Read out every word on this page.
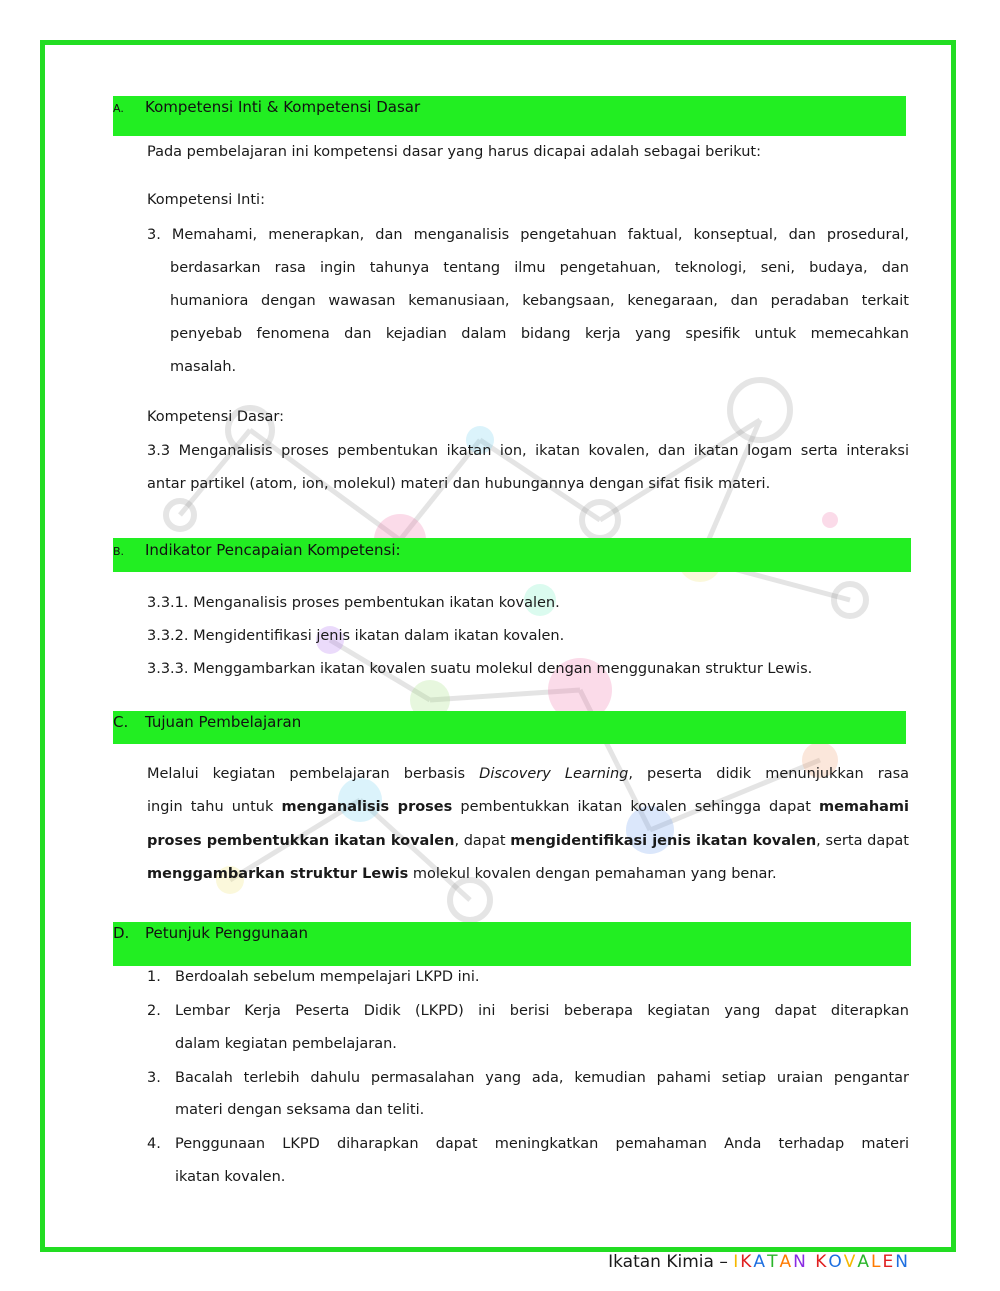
A. Kompetensi Inti & Kompetensi Dasar
Pada pembelajaran ini kompetensi dasar yang harus dicapai adalah sebagai berikut:
Kompetensi Inti:
3. Memahami, menerapkan, dan menganalisis pengetahuan faktual, konseptual, dan prosedural,
berdasarkan rasa ingin tahunya tentang ilmu pengetahuan, teknologi, seni, budaya, dan
humaniora dengan wawasan kemanusiaan, kebangsaan, kenegaraan, dan peradaban terkait
penyebab fenomena dan kejadian dalam bidang kerja yang spesifik untuk memecahkan
masalah.
Kompetensi Dasar:
3.3 Menganalisis proses pembentukan ikatan ion, ikatan kovalen, dan ikatan logam serta interaksi
antar partikel (atom, ion, molekul) materi dan hubungannya dengan sifat fisik materi.
B. Indikator Pencapaian Kompetensi:
3.3.1. Menganalisis proses pembentukan ikatan kovalen.
3.3.2. Mengidentifikasi jenis ikatan dalam ikatan kovalen.
3.3.3. Menggambarkan ikatan kovalen suatu molekul dengan menggunakan struktur Lewis.
C. Tujuan Pembelajaran
Melalui kegiatan pembelajaran berbasis Discovery Learning, peserta didik menunjukkan rasa
ingin tahu untuk menganalisis proses pembentukkan ikatan kovalen sehingga dapat memahami
proses pembentukkan ikatan kovalen, dapat mengidentifikasi jenis ikatan kovalen, serta dapat
menggambarkan struktur Lewis molekul kovalen dengan pemahaman yang benar.
D. Petunjuk Penggunaan
1. Berdoalah sebelum mempelajari LKPD ini.
2. Lembar Kerja Peserta Didik (LKPD) ini berisi beberapa kegiatan yang dapat diterapkan
dalam kegiatan pembelajaran.
3. Bacalah terlebih dahulu permasalahan yang ada, kemudian pahami setiap uraian pengantar
materi dengan seksama dan teliti.
4. Penggunaan LKPD diharapkan dapat meningkatkan pemahaman Anda terhadap materi
ikatan kovalen.
Ikatan Kimia – I K A T A N K O V A L E N
